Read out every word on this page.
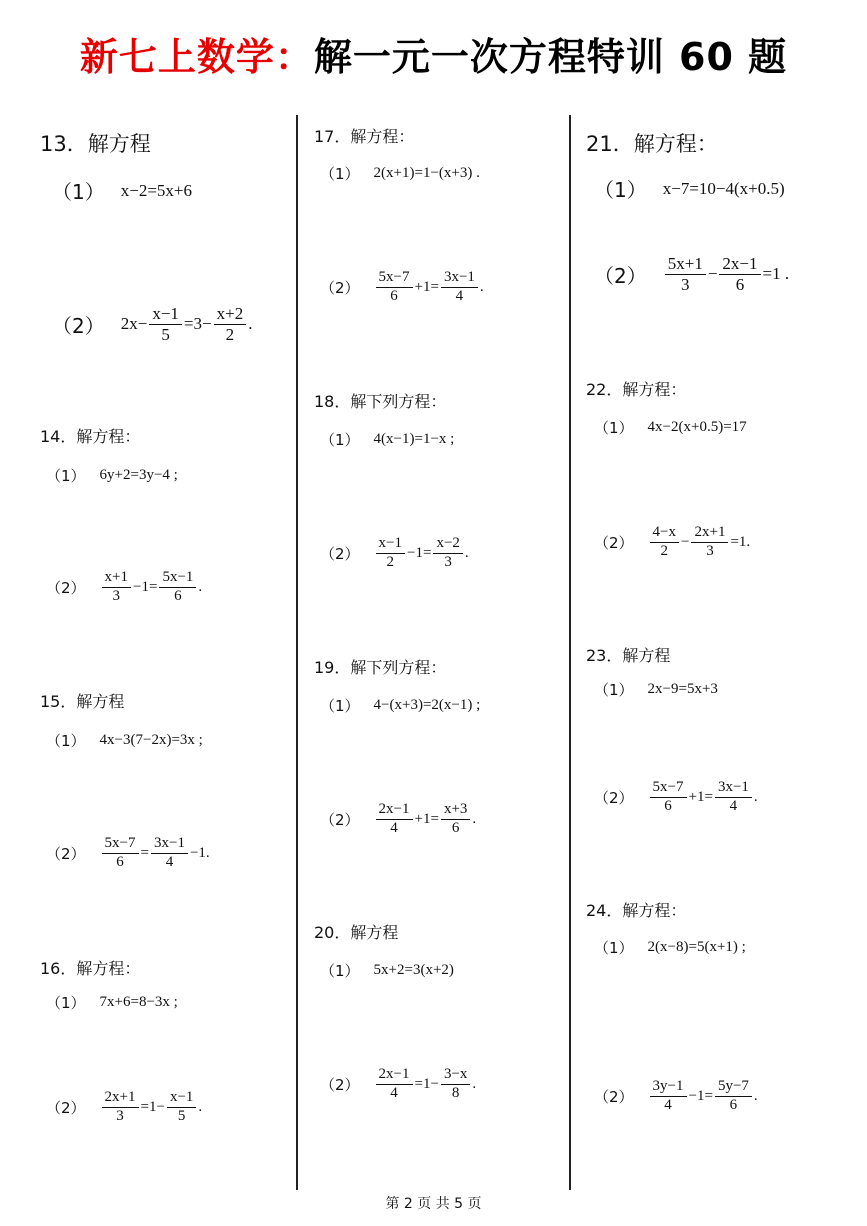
新七上数学：解一元一次方程特训 60 题
13．解方程
（1） x−2=5x+6
（2） $2x- \frac{x-1}{5} =3- \frac{x+2}{2}$ .
14．解方程：
（1） 6y+2=3y−4 ;
$(2) \frac{x+1}{3} -1= \frac{5x-1}{6}$ .
15．解方程
（1） 4x−3(7−2x)=3x ;
$(2) \frac{5x-7}{6} = \frac{3x-1}{4} -1$.
16．解方程：
（1） 7x+6=8−3x ;
$(2) \frac{2x+1}{3} =1- \frac{x-1}{5}$ .
17．解方程：
（1） 2(x+1)=1−(x+3) .
$(2) \frac{5x-7}{6} +1= \frac{3x-1}{4}$ .
18．解下列方程：
（1） 4(x−1)=1−x ;
$(2) \frac{x-1}{2} -1= \frac{x-2}{3}$ .
19．解下列方程：
（1） 4−(x+3)=2(x−1) ;
$(2) \frac{2x-1}{4} +1= \frac{x+3}{6}$ .
20．解方程
（1） 5x+2=3(x+2)
$(2) \frac{2x-1}{4} =1- \frac{3-x}{8}$ .
21．解方程：
（1） x−7=10−4(x+0.5)
$(2) \frac{5x+1}{3} - \frac{2x-1}{6} =1$ .
22．解方程：
（1） 4x−2(x+0.5)=17
$(2) \frac{4-x}{2} - \frac{2x+1}{3} =1$.
23．解方程
（1） 2x−9=5x+3
$(2) \frac{5x-7}{6} +1= \frac{3x-1}{4}$ .
24．解方程：
（1） 2(x−8)=5(x+1) ;
$(2) \frac{3y-1}{4} -1= \frac{5y-7}{6}$ .
第 2 页 共 5 页
